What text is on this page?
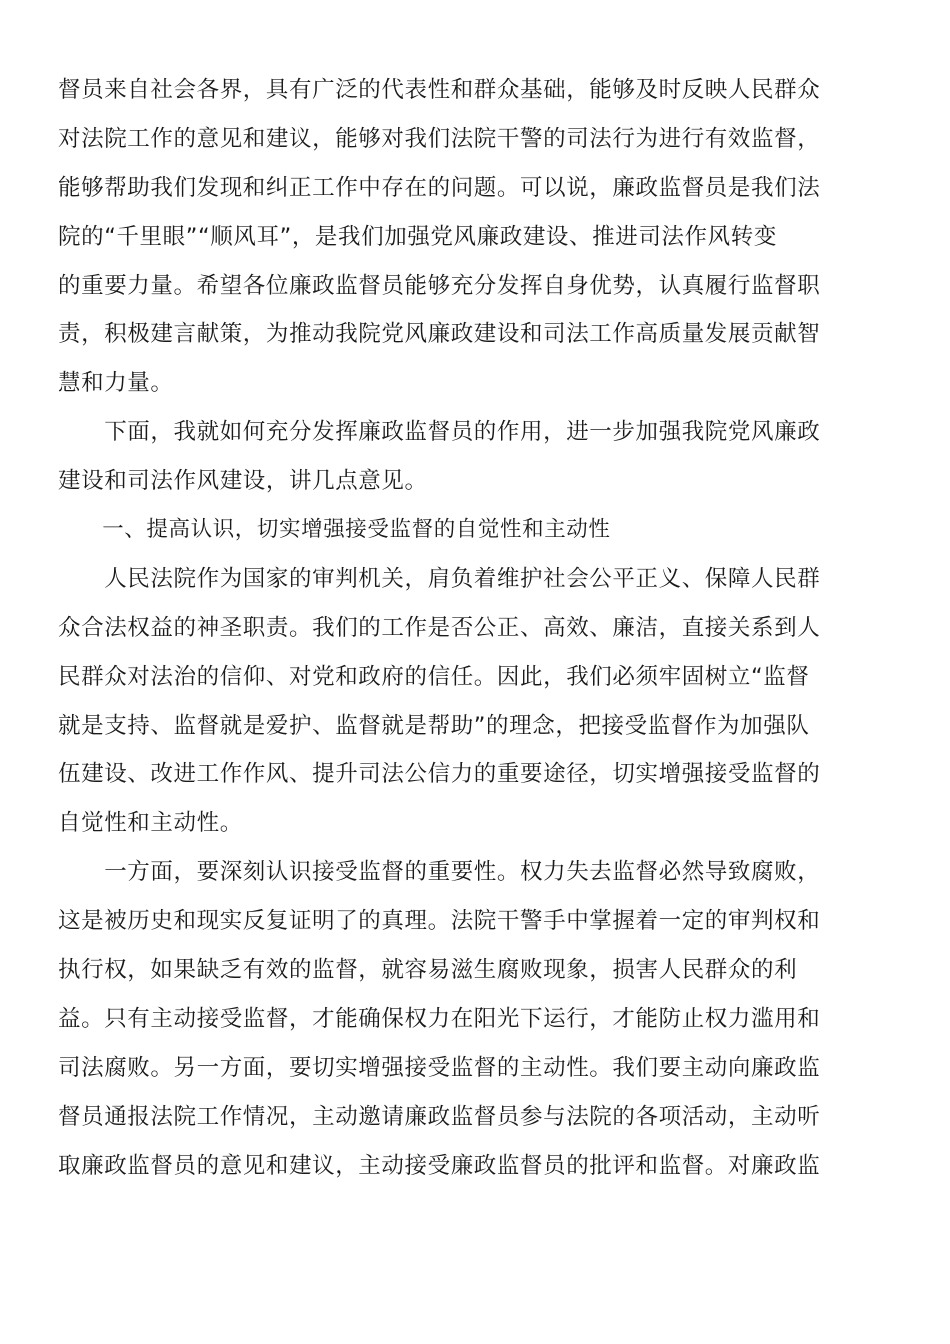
督员来自社会各界，具有广泛的代表性和群众基础，能够及时反映人民群众
对法院工作的意见和建议，能够对我们法院干警的司法行为进行有效监督，
能够帮助我们发现和纠正工作中存在的问题。可以说，廉政监督员是我们法
院的“千里眼”“顺风耳”，是我们加强党风廉政建设、推进司法作风转变
的重要力量。希望各位廉政监督员能够充分发挥自身优势，认真履行监督职
责，积极建言献策，为推动我院党风廉政建设和司法工作高质量发展贡献智
慧和力量。
　　下面，我就如何充分发挥廉政监督员的作用，进一步加强我院党风廉政
建设和司法作风建设，讲几点意见。
　　一、提高认识，切实增强接受监督的自觉性和主动性
　　人民法院作为国家的审判机关，肩负着维护社会公平正义、保障人民群
众合法权益的神圣职责。我们的工作是否公正、高效、廉洁，直接关系到人
民群众对法治的信仰、对党和政府的信任。因此，我们必须牢固树立“监督
就是支持、监督就是爱护、监督就是帮助”的理念，把接受监督作为加强队
伍建设、改进工作作风、提升司法公信力的重要途径，切实增强接受监督的
自觉性和主动性。
　　一方面，要深刻认识接受监督的重要性。权力失去监督必然导致腐败，
这是被历史和现实反复证明了的真理。法院干警手中掌握着一定的审判权和
执行权，如果缺乏有效的监督，就容易滋生腐败现象，损害人民群众的利
益。只有主动接受监督，才能确保权力在阳光下运行，才能防止权力滥用和
司法腐败。另一方面，要切实增强接受监督的主动性。我们要主动向廉政监
督员通报法院工作情况，主动邀请廉政监督员参与法院的各项活动，主动听
取廉政监督员的意见和建议，主动接受廉政监督员的批评和监督。对廉政监
